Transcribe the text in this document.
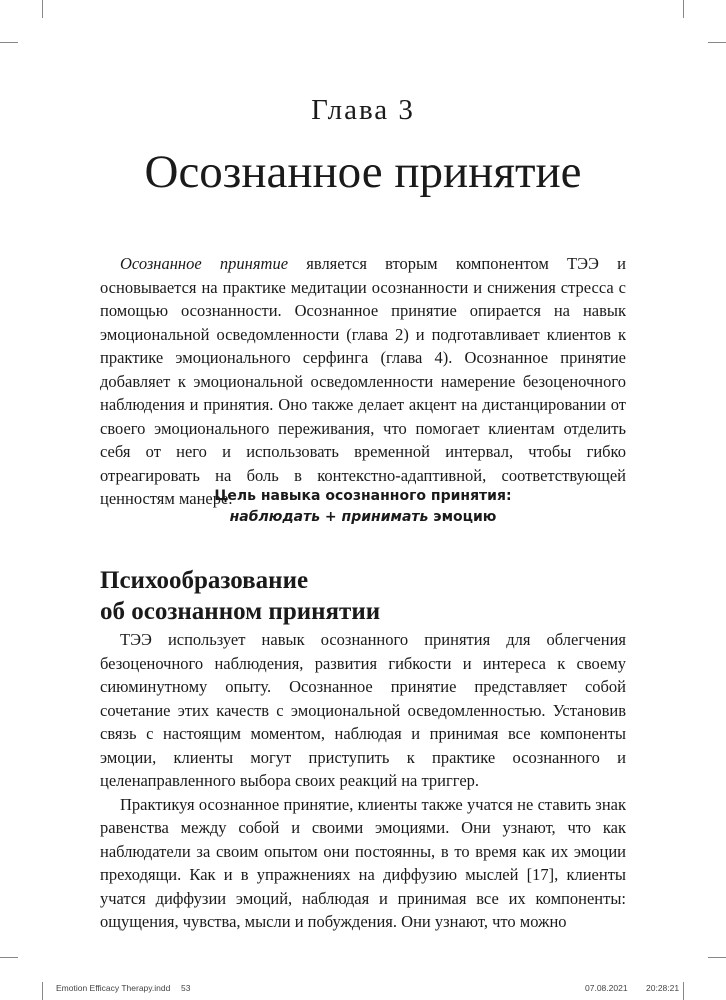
Глава 3
Осознанное принятие

Осознанное принятие является вторым компонентом ТЭЭ и основывается на практике медитации осознанности и снижения стресса с помощью осознанности. Осознанное принятие опирается на навык эмоциональной осведомленности (глава 2) и подготавливает клиентов к практике эмоционального серфинга (глава 4). Осознанное принятие добавляет к эмоциональной осведомленности намерение безоценочного наблюдения и принятия. Оно также делает акцент на дистанцировании от своего эмоционального переживания, что помогает клиентам отделить себя от него и использовать временной интервал, чтобы гибко отреагировать на боль в контекстно-адаптивной, соответствующей ценностям манере.

Цель навыка осознанного принятия:
наблюдать + принимать эмоцию
Психообразование
об осознанном принятии

ТЭЭ использует навык осознанного принятия для облегчения безоценочного наблюдения, развития гибкости и интереса к своему сиюминутному опыту. Осознанное принятие представляет собой сочетание этих качеств с эмоциональной осведомленностью. Установив связь с настоящим моментом, наблюдая и принимая все компоненты эмоции, клиенты могут приступить к практике осознанного и целенаправленного выбора своих реакций на триггер.

Практикуя осознанное принятие, клиенты также учатся не ставить знак равенства между собой и своими эмоциями. Они узнают, что как наблюдатели за своим опытом они постоянны, в то время как их эмоции преходящи. Как и в упражнениях на диффузию мыслей [17], клиенты учатся диффузии эмоций, наблюдая и принимая все их компоненты: ощущения, чувства, мысли и побуждения. Они узнают, что можно

Emotion Efficacy Therapy.indd 53	07.08.2021 20:28:21
